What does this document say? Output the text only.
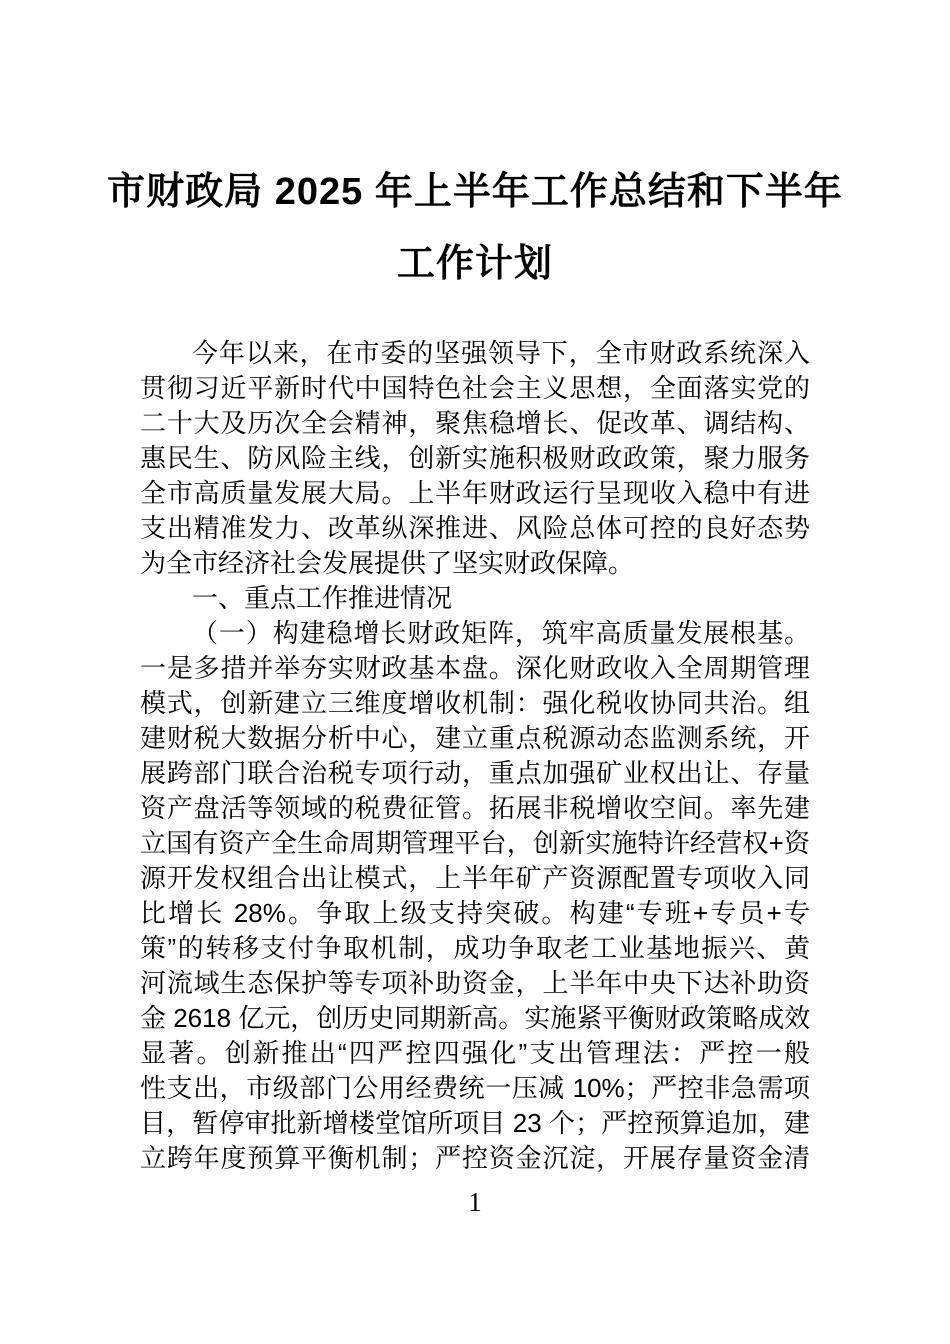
市财政局 2025 年上半年工作总结和下半年
工作计划
今年以来，在市委的坚强领导下，全市财政系统深入
贯彻习近平新时代中国特色社会主义思想，全面落实党的
二十大及历次全会精神，聚焦稳增长、促改革、调结构、
惠民生、防风险主线，创新实施积极财政政策，聚力服务
全市高质量发展大局。上半年财政运行呈现收入稳中有进
支出精准发力、改革纵深推进、风险总体可控的良好态势
为全市经济社会发展提供了坚实财政保障。
一、重点工作推进情况
（一）构建稳增长财政矩阵，筑牢高质量发展根基。
一是多措并举夯实财政基本盘。深化财政收入全周期管理
模式，创新建立三维度增收机制：强化税收协同共治。组
建财税大数据分析中心，建立重点税源动态监测系统，开
展跨部门联合治税专项行动，重点加强矿业权出让、存量
资产盘活等领域的税费征管。拓展非税增收空间。率先建
立国有资产全生命周期管理平台，创新实施特许经营权+资
源开发权组合出让模式，上半年矿产资源配置专项收入同
比增长 28%。争取上级支持突破。构建“专班+专员+专
策”的转移支付争取机制，成功争取老工业基地振兴、黄
河流域生态保护等专项补助资金，上半年中央下达补助资
金 2618 亿元，创历史同期新高。实施紧平衡财政策略成效
显著。创新推出“四严控四强化”支出管理法：严控一般
性支出，市级部门公用经费统一压减 10%；严控非急需项
目，暂停审批新增楼堂馆所项目 23 个；严控预算追加，建
立跨年度预算平衡机制；严控资金沉淀，开展存量资金清
1
